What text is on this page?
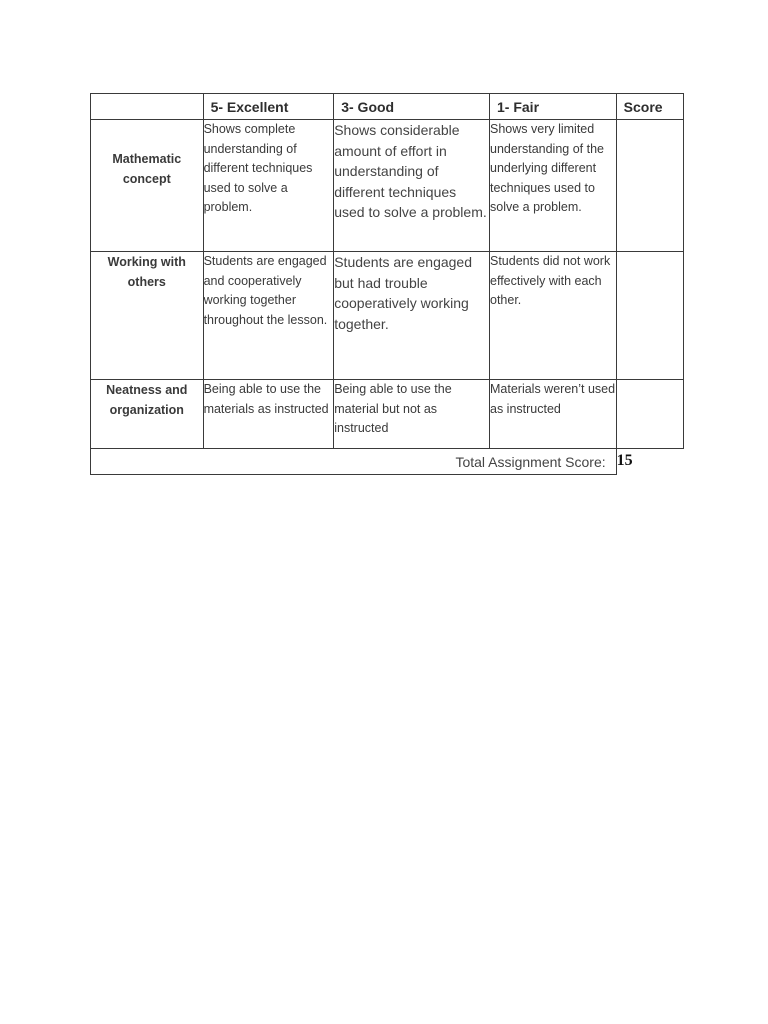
	5- Excellent	3- Good	1- Fair	Score
Mathematic concept	Shows complete understanding of different techniques used to solve a problem.	Shows considerable amount of effort in understanding of different techniques used to solve a problem.	Shows very limited understanding of the underlying different techniques used to solve a problem.	
Working with others	Students are engaged and cooperatively working together throughout the lesson.	Students are engaged but had trouble cooperatively working together.	Students did not work effectively with each other.	
Neatness and organization	Being able to use the materials as instructed	Being able to use the material but not as instructed	Materials weren’t used as instructed	
Total Assignment Score:				15
